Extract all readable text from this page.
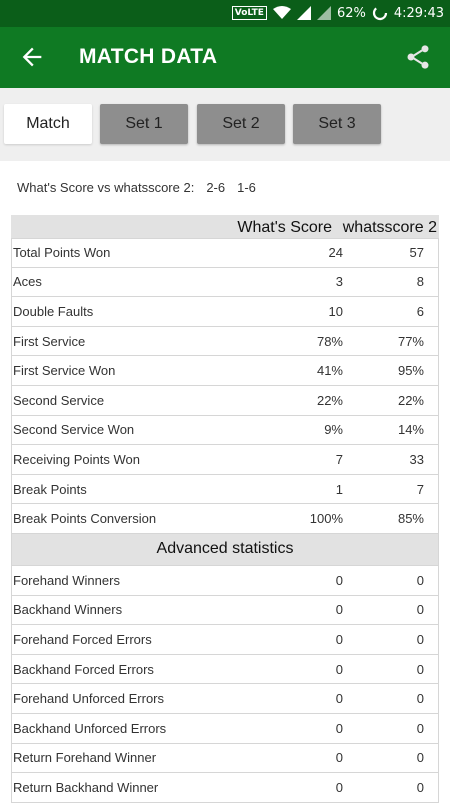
VoLTE	62% 4:29:43
MATCH DATA
Match	Set 1	Set 2	Set 3
What's Score vs whatsscore 2: 2-6 1-6
What's Score whatsscore 2
Total Points Won	24	57
Aces	3	8
Double Faults	10	6
First Service	78%	77%
First Service Won	41%	95%
Second Service	22%	22%
Second Service Won	9%	14%
Receiving Points Won	7	33
Break Points	1	7
Break Points Conversion	100%	85%
Advanced statistics
Forehand Winners	0	0
Backhand Winners	0	0
Forehand Forced Errors	0	0
Backhand Forced Errors	0	0
Forehand Unforced Errors	0	0
Backhand Unforced Errors	0	0
Return Forehand Winner	0	0
Return Backhand Winner	0	0
